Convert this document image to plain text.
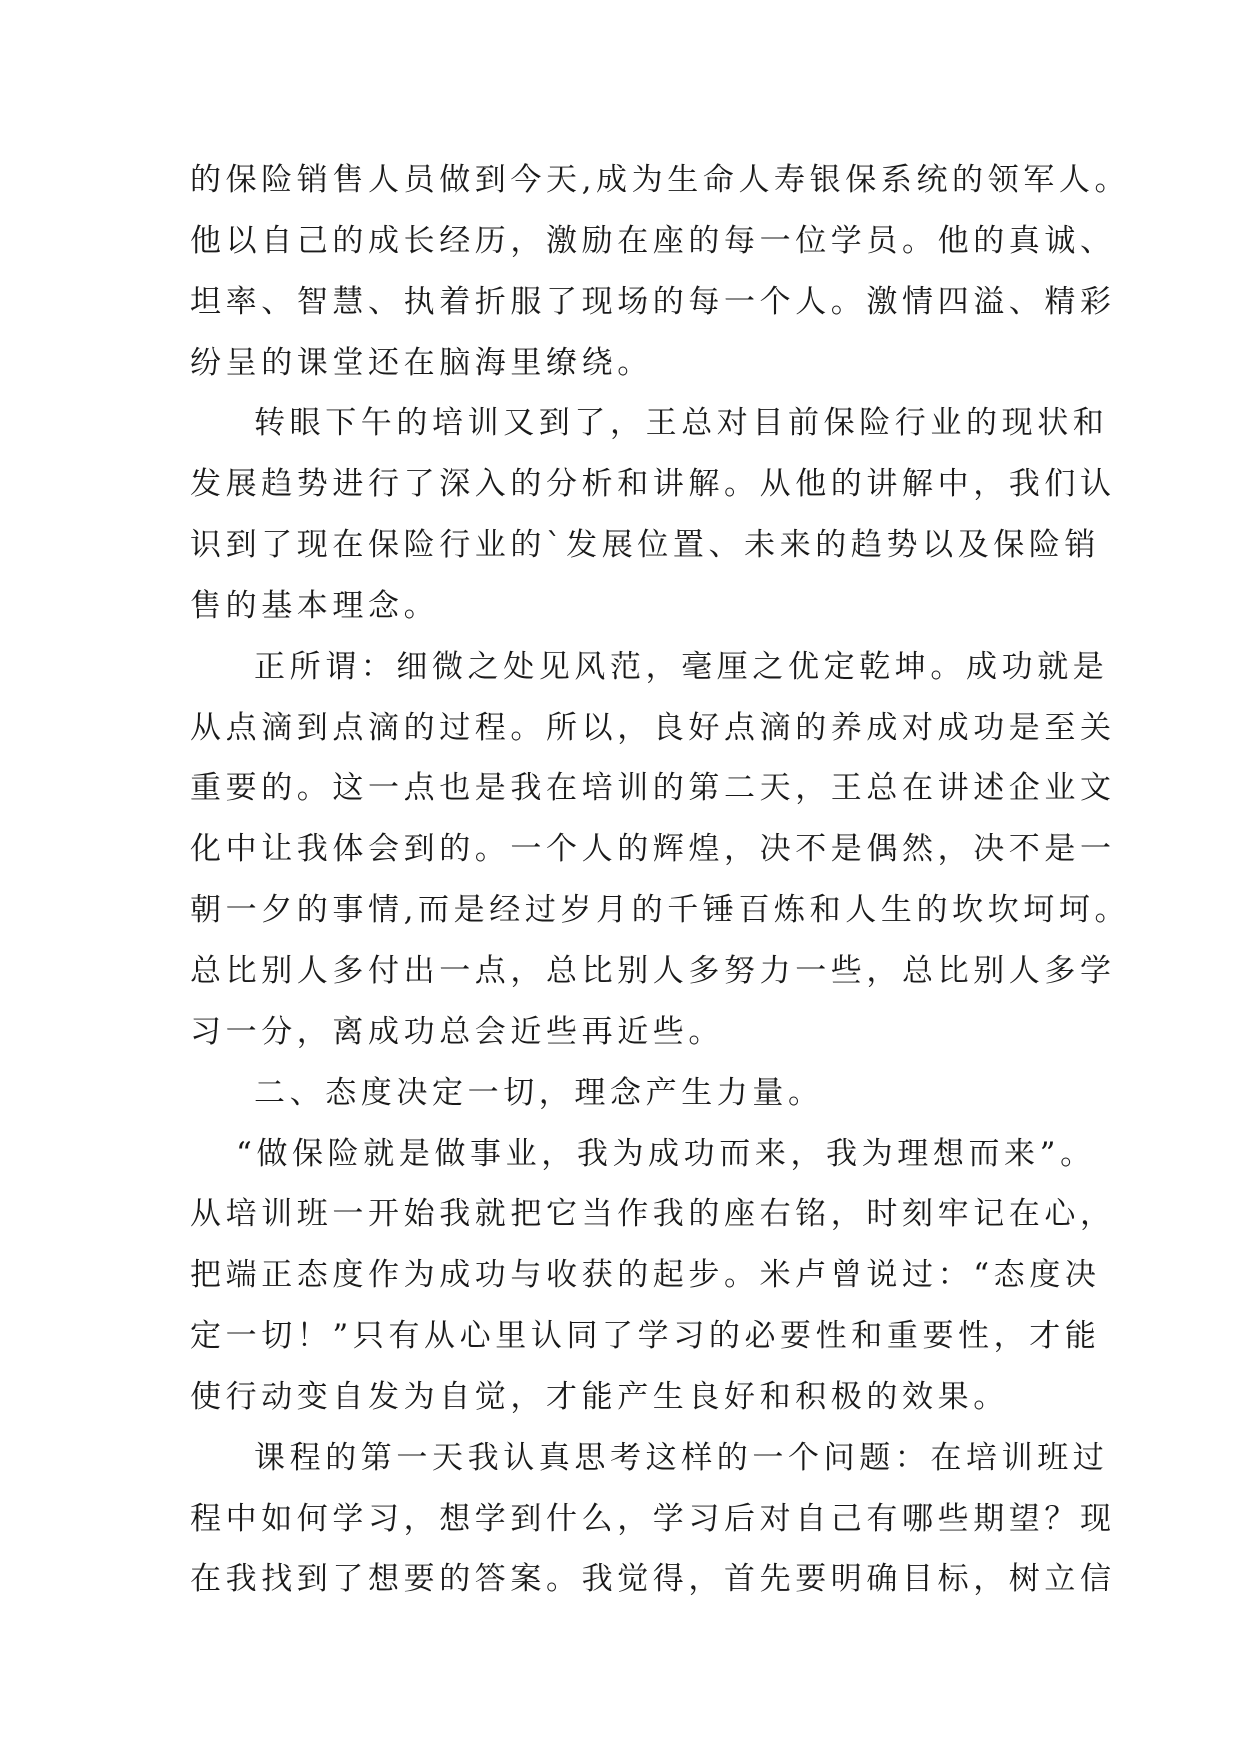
的保险销售人员做到今天,成为生命人寿银保系统的领军人。
他以自己的成长经历，激励在座的每一位学员。他的真诚、
坦率、智慧、执着折服了现场的每一个人。激情四溢、精彩
纷呈的课堂还在脑海里缭绕。
转眼下午的培训又到了，王总对目前保险行业的现状和
发展趋势进行了深入的分析和讲解。从他的讲解中，我们认
识到了现在保险行业的`发展位置、未来的趋势以及保险销
售的基本理念。
正所谓：细微之处见风范，毫厘之优定乾坤。成功就是
从点滴到点滴的过程。所以，良好点滴的养成对成功是至关
重要的。这一点也是我在培训的第二天，王总在讲述企业文
化中让我体会到的。一个人的辉煌，决不是偶然，决不是一
朝一夕的事情,而是经过岁月的千锤百炼和人生的坎坎坷坷。
总比别人多付出一点，总比别人多努力一些，总比别人多学
习一分，离成功总会近些再近些。
二、态度决定一切，理念产生力量。
“做保险就是做事业，我为成功而来，我为理想而来”。
从培训班一开始我就把它当作我的座右铭，时刻牢记在心，
把端正态度作为成功与收获的起步。米卢曾说过：“态度决
定一切！”只有从心里认同了学习的必要性和重要性，才能
使行动变自发为自觉，才能产生良好和积极的效果。
课程的第一天我认真思考这样的一个问题：在培训班过
程中如何学习，想学到什么，学习后对自己有哪些期望？现
在我找到了想要的答案。我觉得，首先要明确目标，树立信
